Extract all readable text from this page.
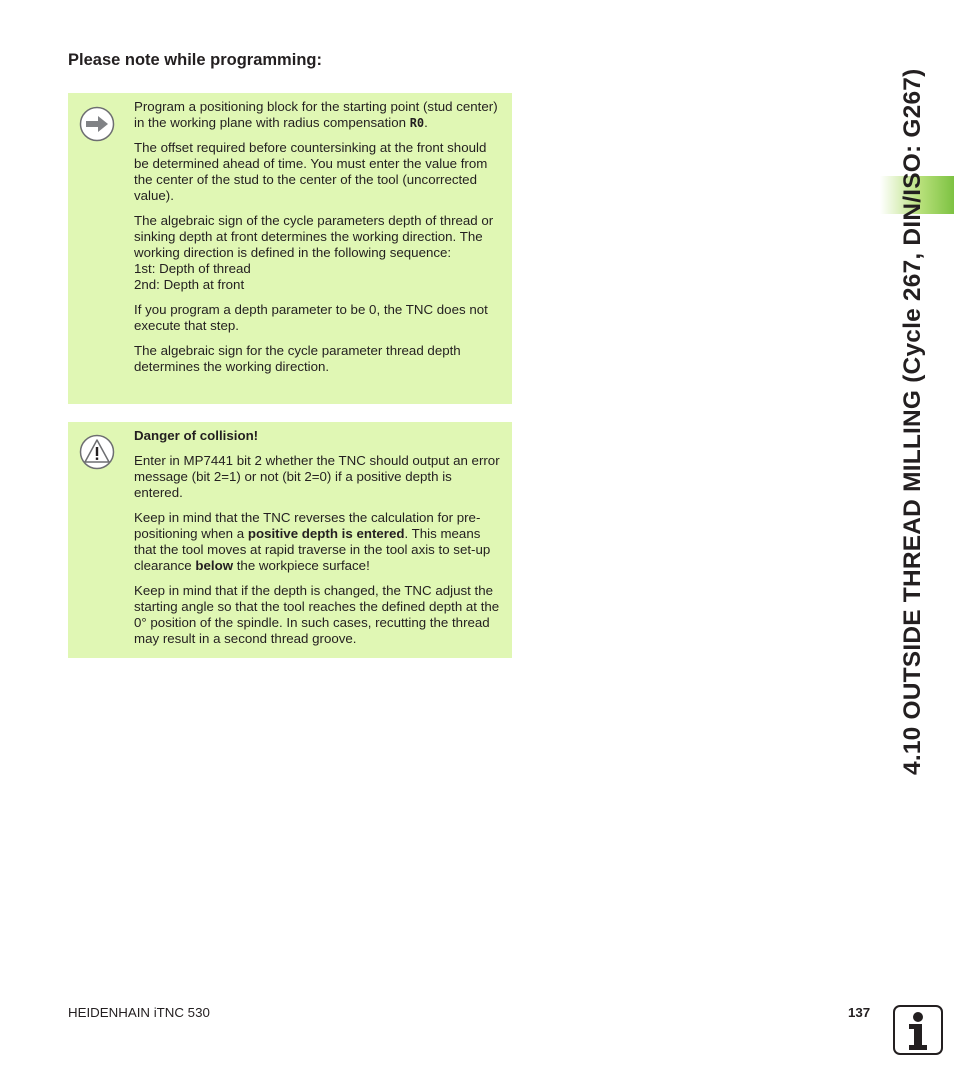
Please note while programming:

Program a positioning block for the starting point (stud center) in the working plane with radius compensation R0.

The offset required before countersinking at the front should be determined ahead of time. You must enter the value from the center of the stud to the center of the tool (uncorrected value).

The algebraic sign of the cycle parameters depth of thread or sinking depth at front determines the working direction. The working direction is defined in the following sequence:
1st: Depth of thread
2nd: Depth at front

If you program a depth parameter to be 0, the TNC does not execute that step.

The algebraic sign for the cycle parameter thread depth determines the working direction.

Danger of collision!

Enter in MP7441 bit 2 whether the TNC should output an error message (bit 2=1) or not (bit 2=0) if a positive depth is entered.

Keep in mind that the TNC reverses the calculation for pre-positioning when a positive depth is entered. This means that the tool moves at rapid traverse in the tool axis to set-up clearance below the workpiece surface!

Keep in mind that if the depth is changed, the TNC adjust the starting angle so that the tool reaches the defined depth at the 0° position of the spindle. In such cases, recutting the thread may result in a second thread groove.	4.10 OUTSIDE THREAD MILLING (Cycle 267, DIN/ISO: G267)
HEIDENHAIN iTNC 530	137
